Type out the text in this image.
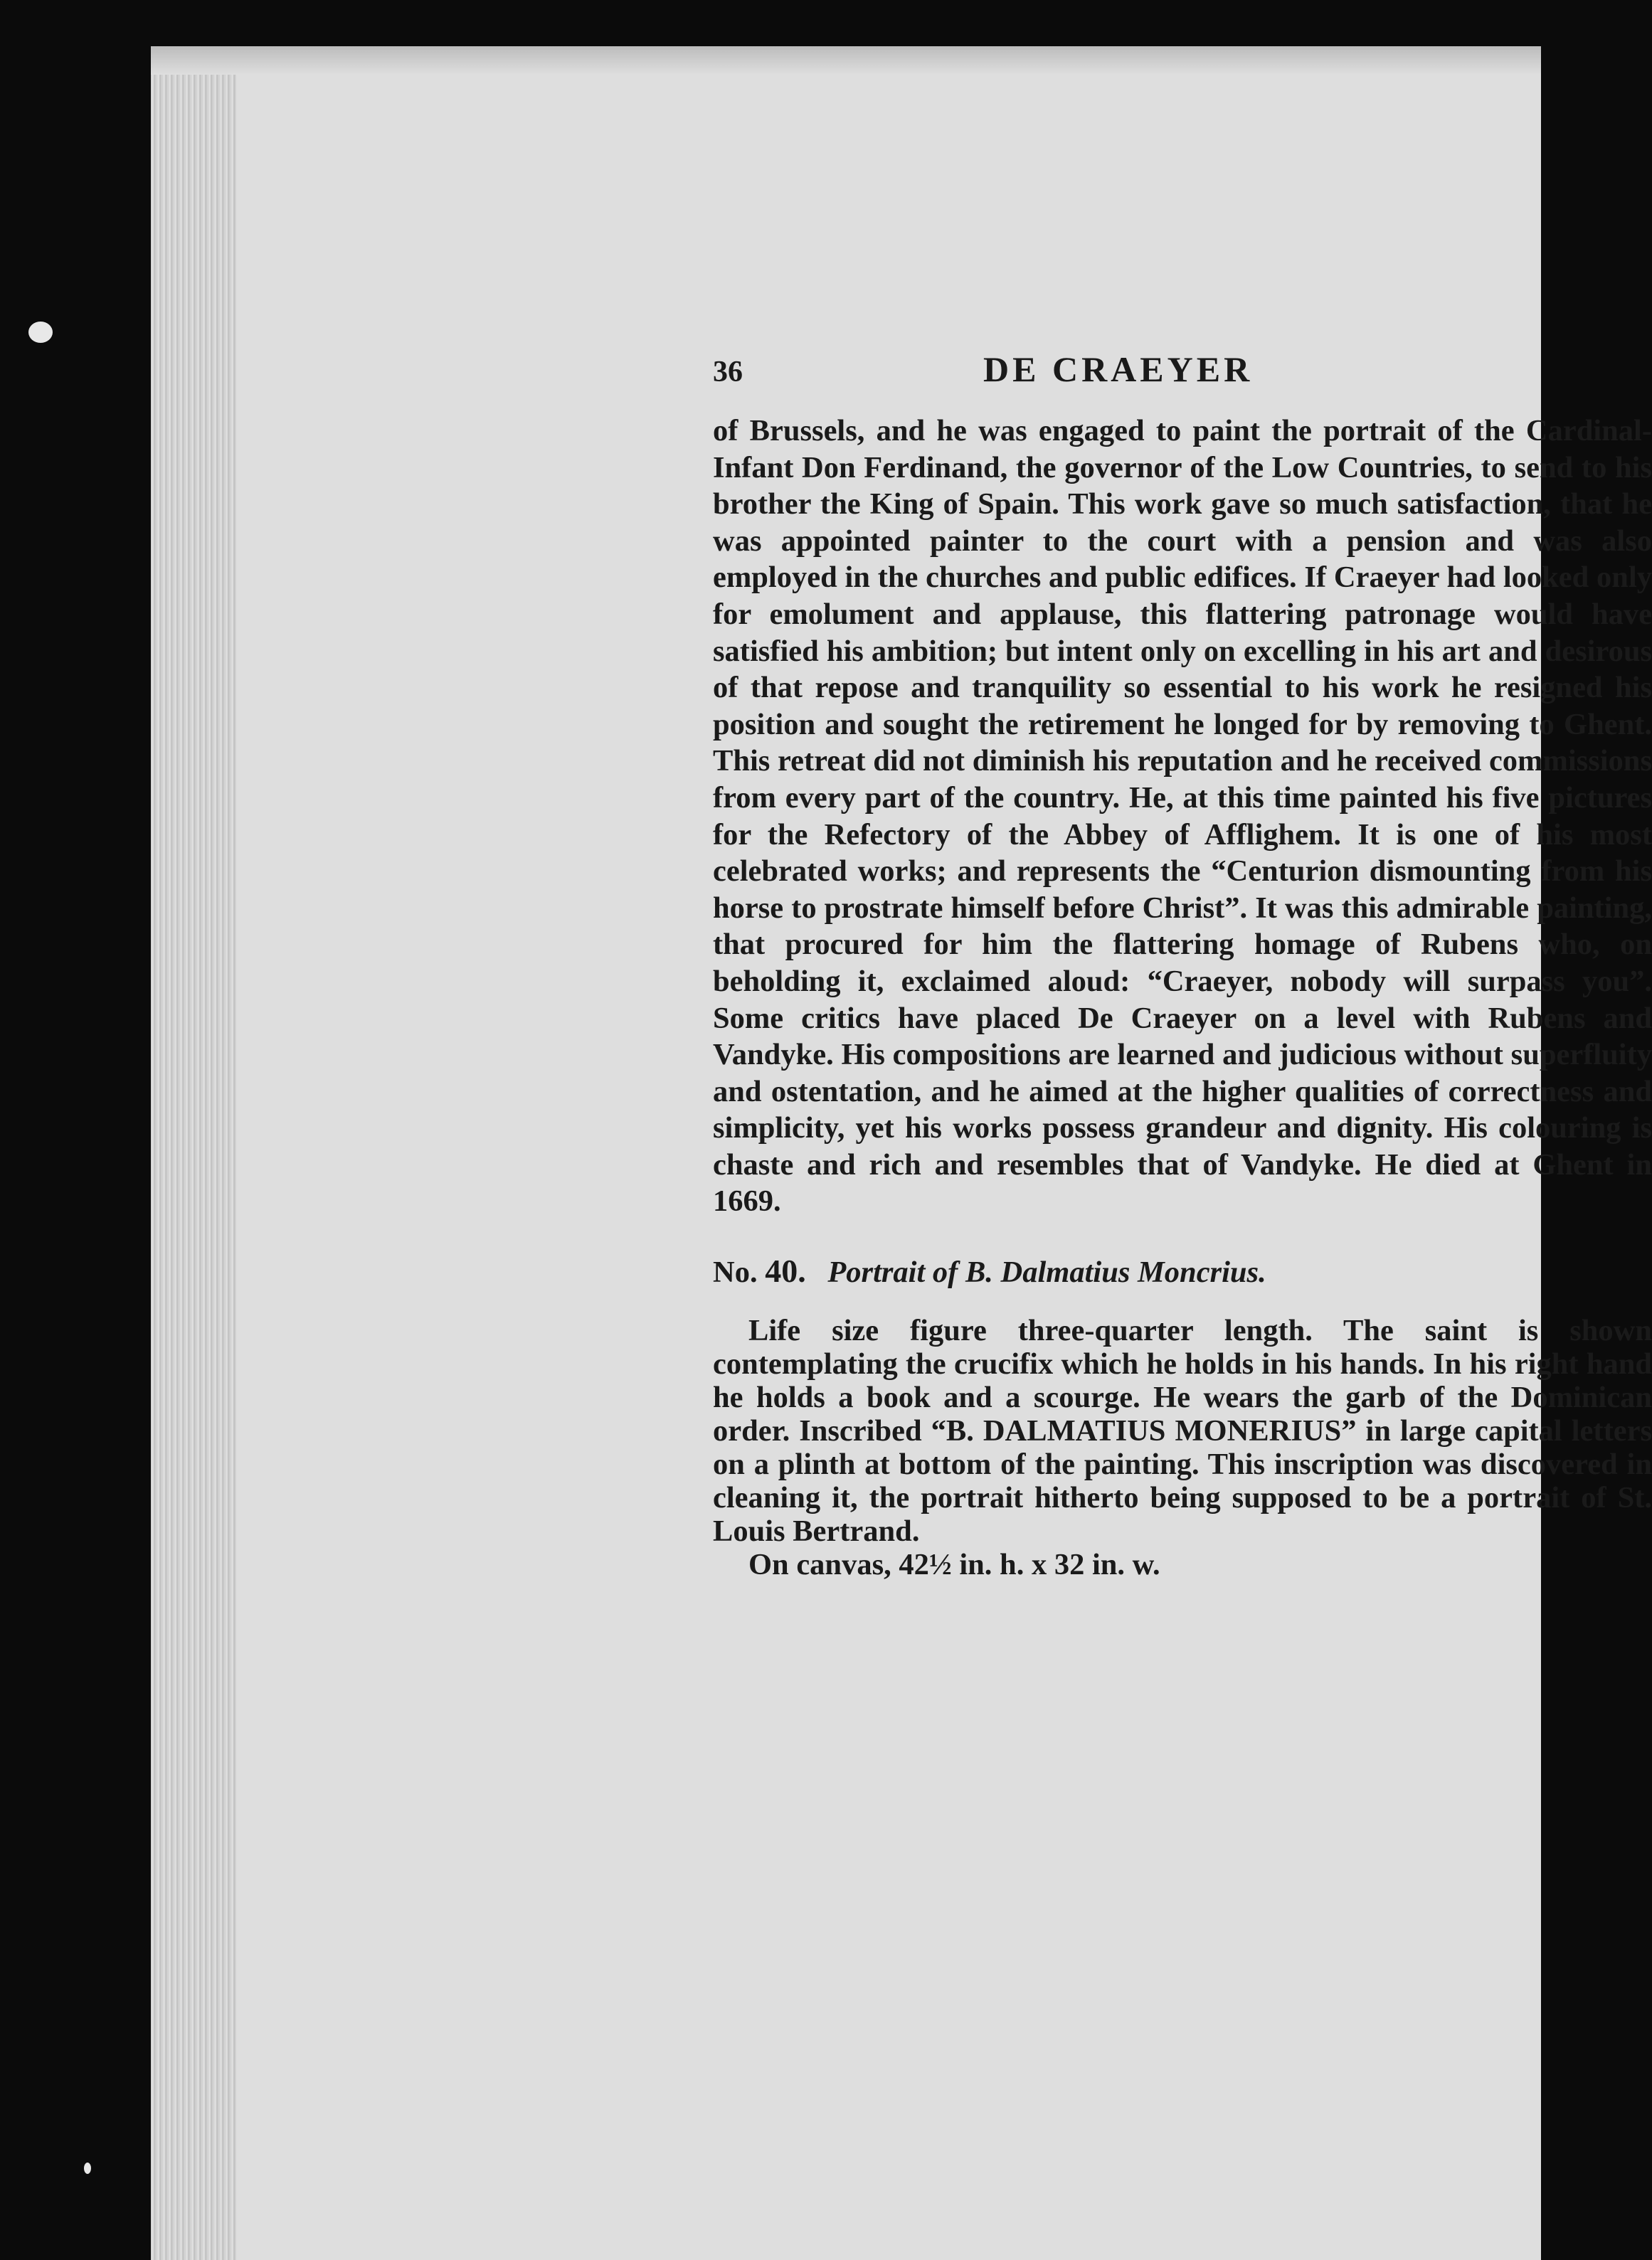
36	DE CRAEYER

of Brussels, and he was engaged to paint the portrait of the Cardinal-Infant Don Ferdinand, the governor of the Low Countries, to send to his brother the King of Spain. This work gave so much satisfaction, that he was appointed painter to the court with a pension and was also employed in the churches and public edifices. If Craeyer had looked only for emolument and applause, this flattering patronage would have satisfied his ambition; but intent only on excelling in his art and desirous of that repose and tranquility so essential to his work he resigned his position and sought the retirement he longed for by removing to Ghent. This retreat did not diminish his reputation and he received commissions from every part of the country. He, at this time painted his five pictures for the Refectory of the Abbey of Afflighem. It is one of his most celebrated works; and represents the “Centurion dismounting from his horse to prostrate himself before Christ”. It was this admirable painting, that procured for him the flattering homage of Rubens who, on beholding it, exclaimed aloud: “Craeyer, nobody will surpass you”. Some critics have placed De Craeyer on a level with Rubens and Vandyke. His compositions are learned and judicious without superfluity and ostentation, and he aimed at the higher qualities of correctness and simplicity, yet his works possess grandeur and dignity. His colouring is chaste and rich and resembles that of Vandyke. He died at Ghent in 1669.

No. 40. Portrait of B. Dalmatius Moncrius.

Life size figure three-quarter length. The saint is shown contemplating the crucifix which he holds in his hands. In his right hand he holds a book and a scourge. He wears the garb of the Dominican order. Inscribed “B. DALMATIUS MONERIUS” in large capital letters on a plinth at bottom of the painting. This inscription was discovered in cleaning it, the portrait hitherto being supposed to be a portrait of St. Louis Bertrand.

On canvas, 42½ in. h. x 32 in. w.
